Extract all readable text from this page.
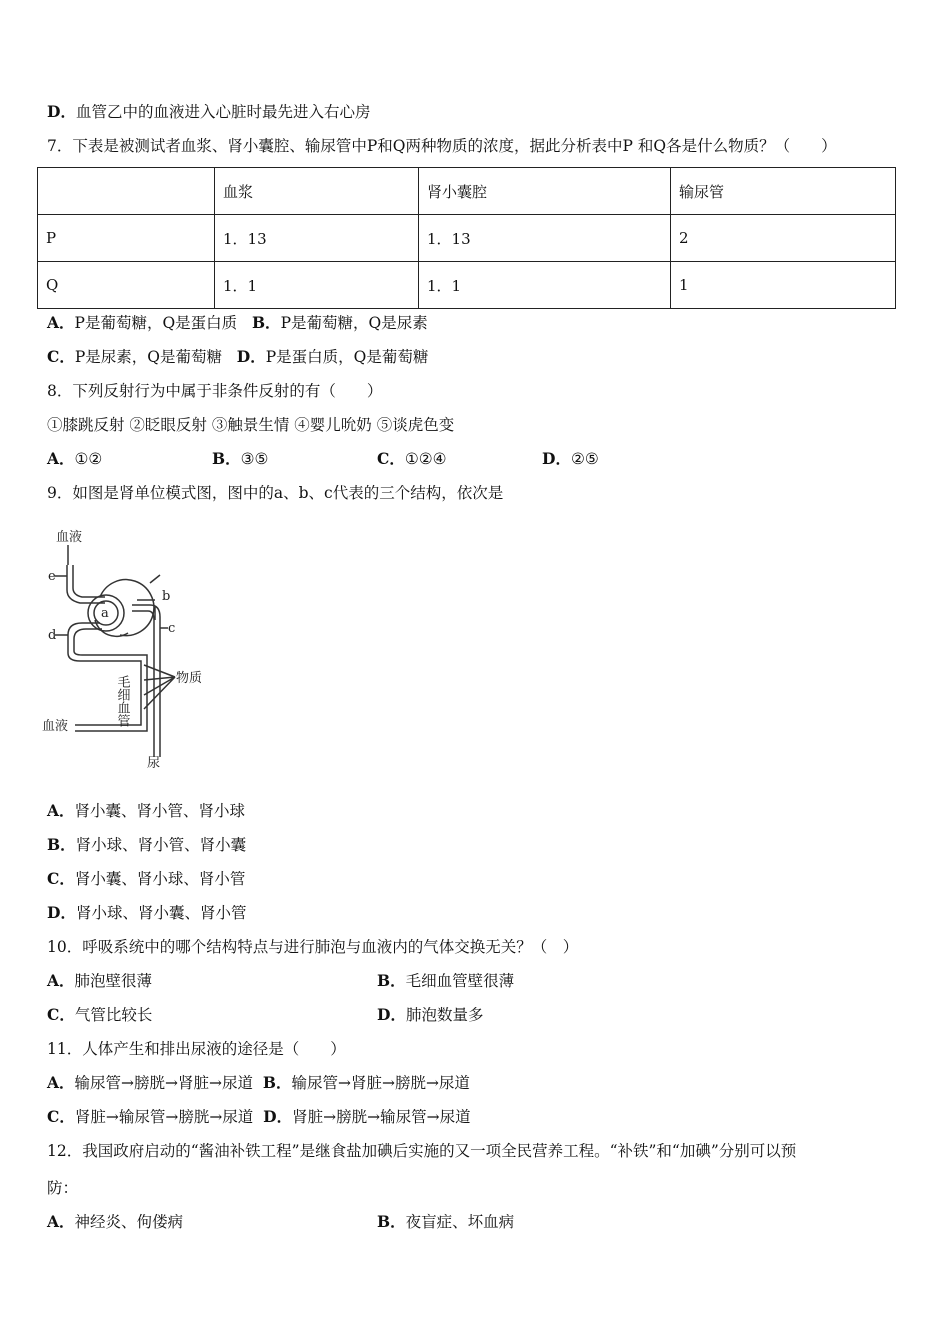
D．血管乙中的血液进入心脏时最先进入右心房
7．下表是被测试者血浆、肾小囊腔、输尿管中P和Q两种物质的浓度，据此分析表中P 和Q各是什么物质？（　　）
	血浆	肾小囊腔	输尿管
P	1．13	1．13	2
Q	1．1	1．1	1
A．P是葡萄糖，Q是蛋白质 B．P是葡萄糖，Q是尿素
C．P是尿素，Q是葡萄糖 D．P是蛋白质，Q是葡萄糖
8．下列反射行为中属于非条件反射的有（　　）
①膝跳反射 ②眨眼反射 ③触景生情 ④婴儿吮奶 ⑤谈虎色变
A．①②	B．③⑤	C．①②④	D．②⑤
9．如图是肾单位模式图，图中的a、b、c代表的三个结构，依次是
血液
e
a
b
c
d
毛细血管	物质
血液
尿
A．肾小囊、肾小管、肾小球
B．肾小球、肾小管、肾小囊
C．肾小囊、肾小球、肾小管
D．肾小球、肾小囊、肾小管
10．呼吸系统中的哪个结构特点与进行肺泡与血液内的气体交换无关？（　）
A．肺泡壁很薄	B．毛细血管壁很薄
C．气管比较长	D．肺泡数量多
11．人体产生和排出尿液的途径是（　　）
A．输尿管→膀胱→肾脏→尿道 B．输尿管→肾脏→膀胱→尿道
C．肾脏→输尿管→膀胱→尿道 D．肾脏→膀胱→输尿管→尿道
12．我国政府启动的“酱油补铁工程”是继食盐加碘后实施的又一项全民营养工程。“补铁”和“加碘”分别可以预
防：
A．神经炎、佝偻病	B．夜盲症、坏血病
